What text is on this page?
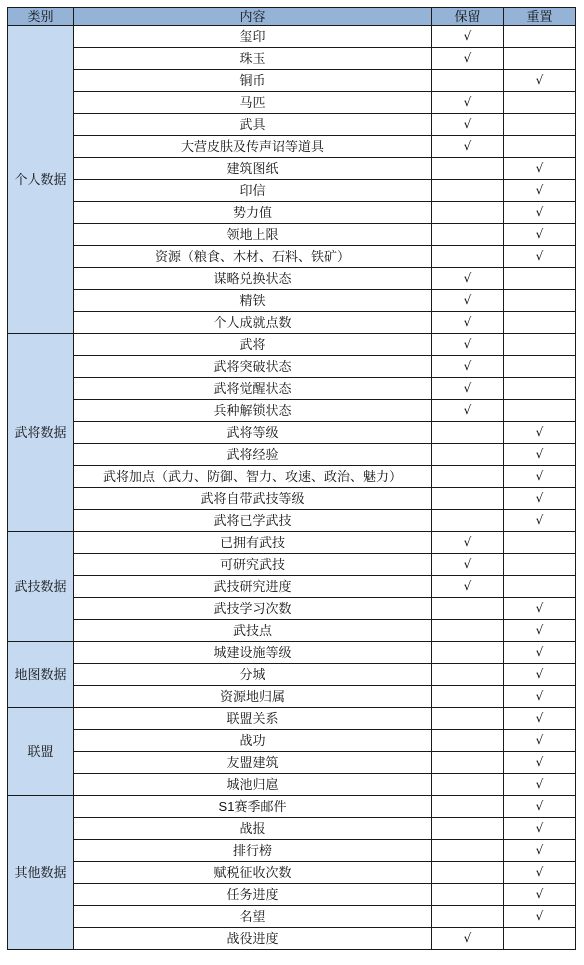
类别	内容	保留	重置
个人数据	玺印	√	
	珠玉	√	
	铜币		√
	马匹	√	
	武具	√	
	大营皮肤及传声诏等道具	√	
	建筑图纸		√
	印信		√
	势力值		√
	领地上限		√
	资源（粮食、木材、石料、铁矿）		√
	谋略兑换状态	√	
	精铁	√	
	个人成就点数	√	
武将数据	武将	√	
	武将突破状态	√	
	武将觉醒状态	√	
	兵种解锁状态	√	
	武将等级		√
	武将经验		√
	武将加点（武力、防御、智力、攻速、政治、魅力）		√
	武将自带武技等级		√
	武将已学武技		√
武技数据	已拥有武技	√	
	可研究武技	√	
	武技研究进度	√	
	武技学习次数		√
	武技点		√
地图数据	城建设施等级		√
	分城		√
	资源地归属		√
联盟	联盟关系		√
	战功		√
	友盟建筑		√
	城池归扈		√
其他数据	S1赛季邮件		√
	战报		√
	排行榜		√
	赋税征收次数		√
	任务进度		√
	名望		√
	战役进度	√	
